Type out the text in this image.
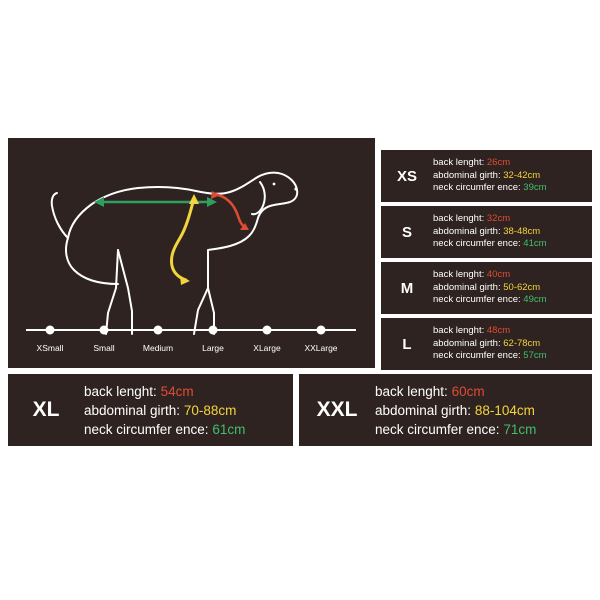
XSmall	Small	Medium	Large	XLarge	XXLarge
XS
back lenght: 26cm
abdominal girth: 32-42cm
neck circumfer ence: 39cm
S
back lenght: 32cm
abdominal girth: 38-48cm
neck circumfer ence: 41cm
M
back lenght: 40cm
abdominal girth: 50-62cm
neck circumfer ence: 49cm
L
back lenght: 48cm
abdominal girth: 62-78cm
neck circumfer ence: 57cm
XL
back lenght: 54cm
abdominal girth: 70-88cm
neck circumfer ence: 61cm
XXL
back lenght: 60cm
abdominal girth: 88-104cm
neck circumfer ence: 71cm
